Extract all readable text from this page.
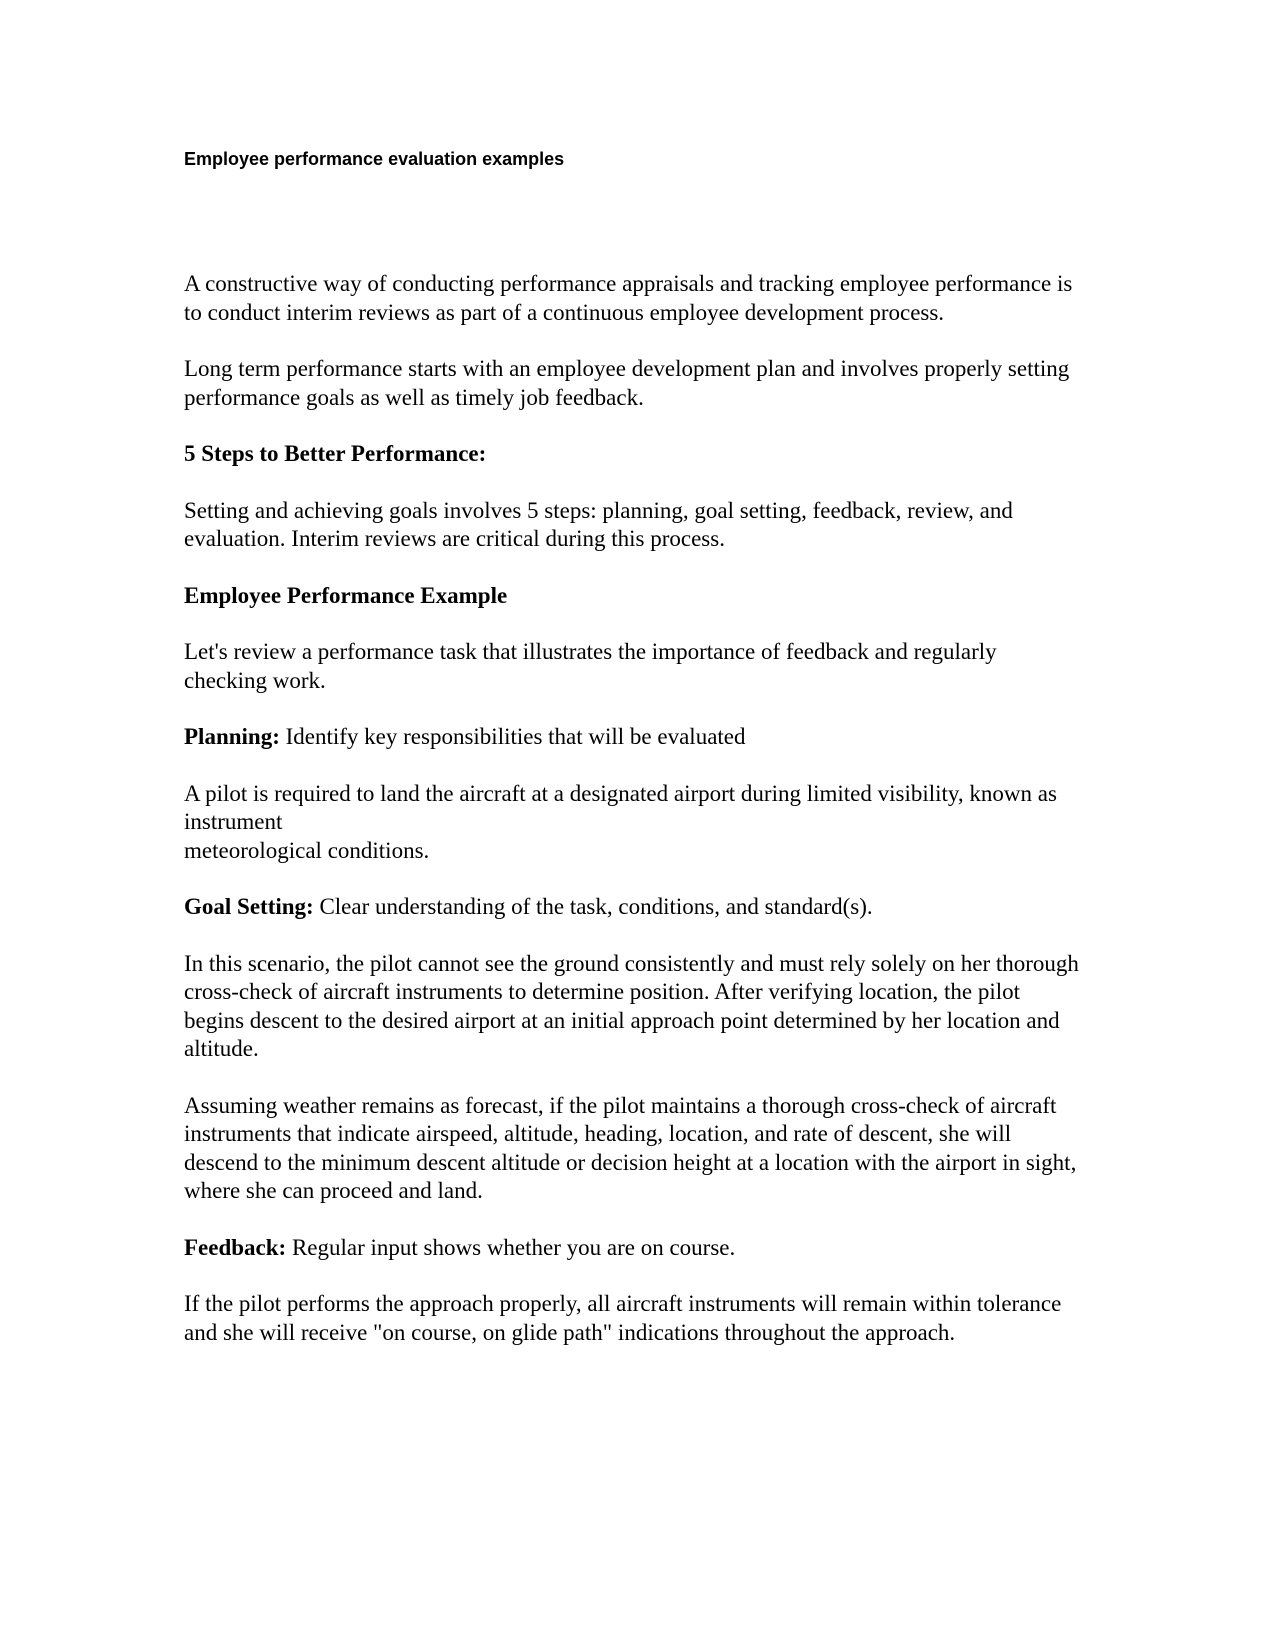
Employee performance evaluation examples

A constructive way of conducting performance appraisals and tracking employee performance is to conduct interim reviews as part of a continuous employee development process.

Long term performance starts with an employee development plan and involves properly setting performance goals as well as timely job feedback.

5 Steps to Better Performance:

Setting and achieving goals involves 5 steps: planning, goal setting, feedback, review, and evaluation. Interim reviews are critical during this process.

Employee Performance Example

Let's review a performance task that illustrates the importance of feedback and regularly checking work.

Planning: Identify key responsibilities that will be evaluated

A pilot is required to land the aircraft at a designated airport during limited visibility, known as instrument
meteorological conditions.

Goal Setting: Clear understanding of the task, conditions, and standard(s).

In this scenario, the pilot cannot see the ground consistently and must rely solely on her thorough cross-check of aircraft instruments to determine position. After verifying location, the pilot begins descent to the desired airport at an initial approach point determined by her location and altitude.

Assuming weather remains as forecast, if the pilot maintains a thorough cross-check of aircraft instruments that indicate airspeed, altitude, heading, location, and rate of descent, she will descend to the minimum descent altitude or decision height at a location with the airport in sight, where she can proceed and land.

Feedback: Regular input shows whether you are on course.

If the pilot performs the approach properly, all aircraft instruments will remain within tolerance and she will receive "on course, on glide path" indications throughout the approach.
